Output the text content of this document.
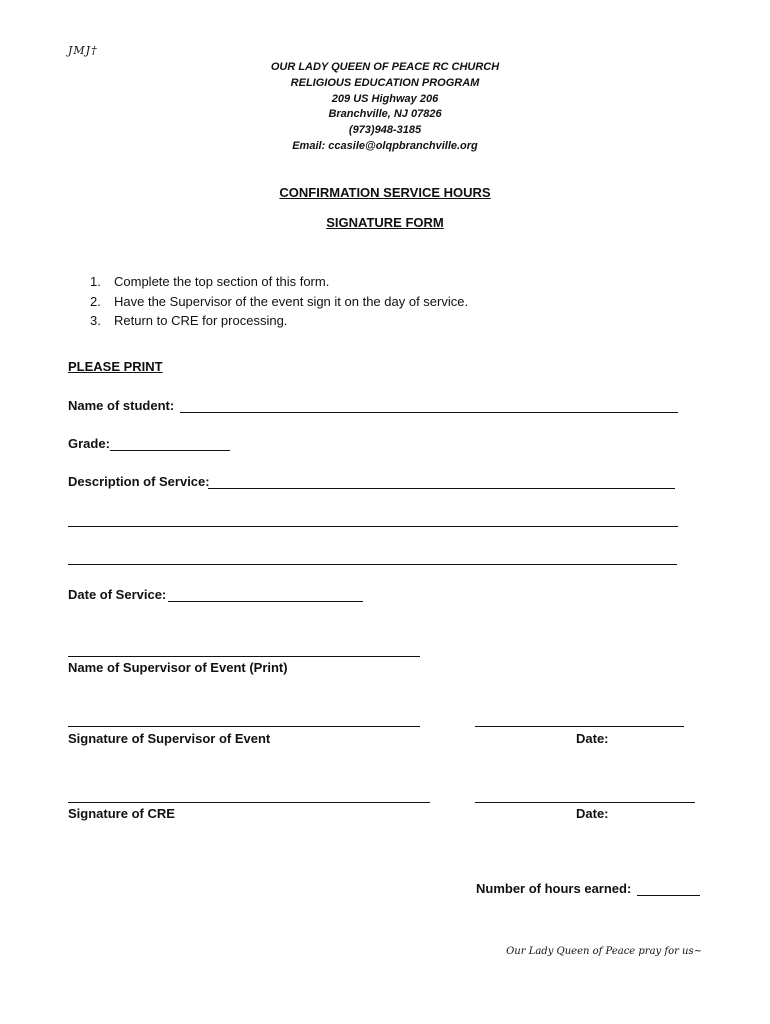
JMJ†
OUR LADY QUEEN OF PEACE RC CHURCH
RELIGIOUS EDUCATION PROGRAM
209 US Highway 206
Branchville, NJ 07826
(973)948-3185
Email: ccasile@olqpbranchville.org
CONFIRMATION SERVICE HOURS
SIGNATURE FORM
1. Complete the top section of this form.
2. Have the Supervisor of the event sign it on the day of service.
3. Return to CRE for processing.
PLEASE PRINT
Name of student:
Grade:
Description of Service:
Date of Service:
Name of Supervisor of Event (Print)
Signature of Supervisor of Event	Date:
Signature of CRE	Date:
Number of hours earned:
Our Lady Queen of Peace pray for us~
